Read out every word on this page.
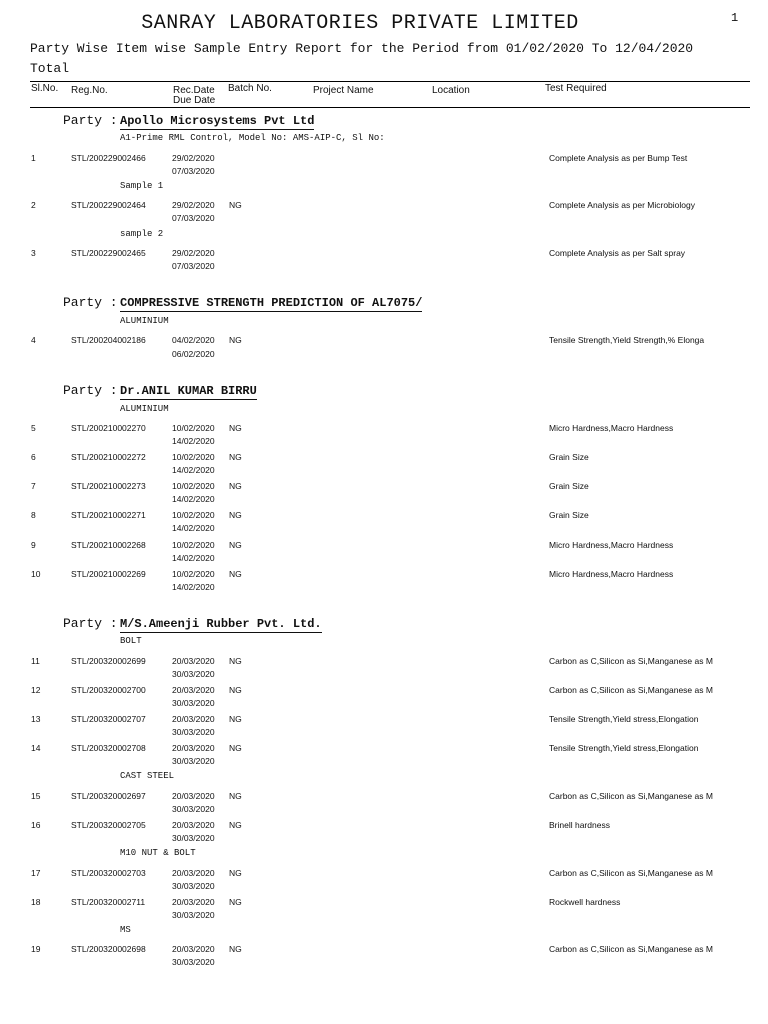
SANRAY LABORATORIES PRIVATE LIMITED	1
Party Wise Item wise Sample Entry Report for the Period from 01/02/2020 To 12/04/2020
Total
Sl.No. Reg.No.	Rec.Date
Due Date
Batch No.	Project Name	Location	Test Required
Party : Apollo Microsystems Pvt Ltd
A1-Prime RML Control, Model No: AMS-AIP-C, Sl No:
1	STL/200229002466	29/02/2020
07/03/2020
Complete Analysis as per Bump Test
Sample 1
2	STL/200229002464	29/02/2020
07/03/2020
NG	Complete Analysis as per Microbiology
sample 2
3	STL/200229002465	29/02/2020
07/03/2020
Complete Analysis as per Salt spray
Party : COMPRESSIVE STRENGTH PREDICTION OF AL7075/
ALUMINIUM
4	STL/200204002186	04/02/2020
06/02/2020
NG	Tensile Strength,Yield Strength,% Elonga
Party : Dr.ANIL KUMAR BIRRU
ALUMINIUM
5	STL/200210002270	10/02/2020
14/02/2020
NG	Micro Hardness,Macro Hardness
6	STL/200210002272	10/02/2020
14/02/2020
NG	Grain Size
7	STL/200210002273	10/02/2020
14/02/2020
NG	Grain Size
8	STL/200210002271	10/02/2020
14/02/2020
NG	Grain Size
9	STL/200210002268	10/02/2020
14/02/2020
NG	Micro Hardness,Macro Hardness
10	STL/200210002269	10/02/2020
14/02/2020
NG	Micro Hardness,Macro Hardness
Party : M/S.Ameenji Rubber Pvt. Ltd.
BOLT
11	STL/200320002699	20/03/2020
30/03/2020
NG	Carbon as C,Silicon as Si,Manganese as M
12	STL/200320002700	20/03/2020
30/03/2020
NG	Carbon as C,Silicon as Si,Manganese as M
13	STL/200320002707	20/03/2020
30/03/2020
NG	Tensile Strength,Yield stress,Elongation
14	STL/200320002708	20/03/2020
30/03/2020
NG	Tensile Strength,Yield stress,Elongation
CAST STEEL
15	STL/200320002697	20/03/2020
30/03/2020
NG	Carbon as C,Silicon as Si,Manganese as M
16	STL/200320002705	20/03/2020
30/03/2020
NG	Brinell hardness
M10 NUT & BOLT
17	STL/200320002703	20/03/2020
30/03/2020
NG	Carbon as C,Silicon as Si,Manganese as M
18	STL/200320002711	20/03/2020
30/03/2020
NG	Rockwell hardness
MS
19	STL/200320002698	20/03/2020
30/03/2020
NG	Carbon as C,Silicon as Si,Manganese as M
